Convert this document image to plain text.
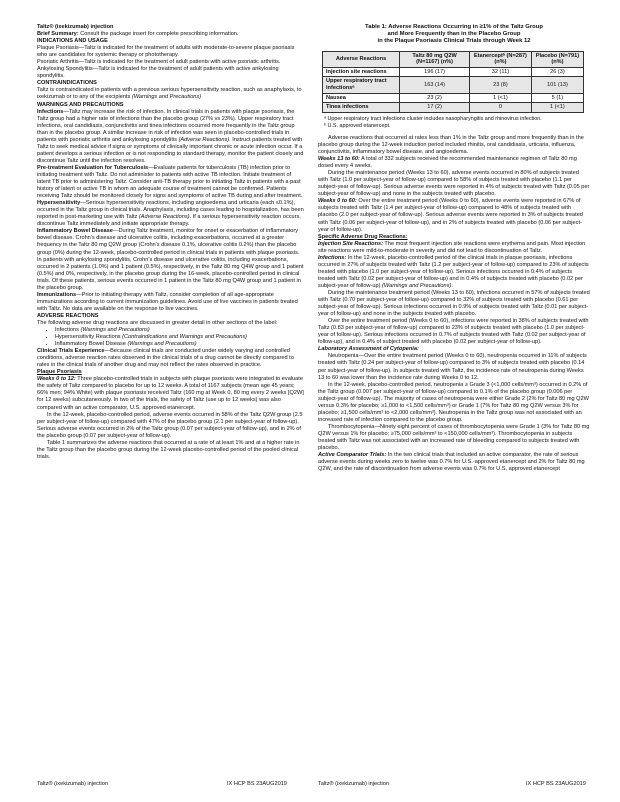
Taltz® (ixekizumab) injection

Brief Summary: Consult the package insert for complete prescribing information.

INDICATIONS AND USAGE

Plaque Psoriasis—Taltz is indicated for the treatment of adults with moderate-to-severe plaque psoriasis who are candidates for systemic therapy or phototherapy.

Psoriatic Arthritis—Taltz is indicated for the treatment of adult patients with active psoriatic arthritis.

Ankylosing Spondylitis—Taltz is indicated for the treatment of adult patients with active ankylosing spondylitis.

CONTRAINDICATIONS

Taltz is contraindicated in patients with a previous serious hypersensitivity reaction, such as anaphylaxis, to ixekizumab or to any of the excipients (Warnings and Precautions)

WARNINGS AND PRECAUTIONS

Infections—Taltz may increase the risk of infection. In clinical trials in patients with plaque psoriasis, the Taltz group had a higher rate of infections than the placebo group (27% vs 23%). Upper respiratory tract infections, oral candidiasis, conjunctivitis and tinea infections occurred more frequently in the Taltz group than in the placebo group. A similar increase in risk of infection was seen in placebo-controlled trials in patients with psoriatic arthritis and ankylosing spondylitis (Adverse Reactions). Instruct patients treated with Taltz to seek medical advice if signs or symptoms of clinically important chronic or acute infection occur. If a patient develops a serious infection or is not responding to standard therapy, monitor the patient closely and discontinue Taltz until the infection resolves.

Pre-treatment Evaluation for Tuberculosis—Evaluate patients for tuberculosis (TB) infection prior to initiating treatment with Taltz. Do not administer to patients with active TB infection. Initiate treatment of latent TB prior to administering Taltz. Consider anti-TB therapy prior to initiating Taltz in patients with a past history of latent or active TB in whom an adequate course of treatment cannot be confirmed. Patients receiving Taltz should be monitored closely for signs and symptoms of active TB during and after treatment.

Hypersensitivity—Serious hypersensitivity reactions, including angioedema and urticaria (each ≤0.1%), occurred in the Taltz group in clinical trials. Anaphylaxis, including cases leading to hospitalization, has been reported in post-marketing use with Taltz (Adverse Reactions). If a serious hypersensitivity reaction occurs, discontinue Taltz immediately and initiate appropriate therapy.

Inflammatory Bowel Disease—During Taltz treatment, monitor for onset or exacerbation of inflammatory bowel disease. Crohn’s disease and ulcerative colitis, including exacerbations, occurred at a greater frequency in the Taltz 80 mg Q2W group (Crohn’s disease 0.1%, ulcerative colitis 0.2%) than the placebo group (0%) during the 12-week, placebo-controlled period in clinical trials in patients with plaque psoriasis. In patients with ankylosing spondylitis, Crohn’s disease and ulcerative colitis, including exacerbations, occurred in 2 patients (1.0%) and 1 patient (0.5%), respectively, in the Taltz 80 mg Q4W group and 1 patient (0.5%) and 0%, respectively, in the placebo group during the 16-week, placebo-controlled period in clinical trials. Of these patients, serious events occurred in 1 patient in the Taltz 80 mg Q4W group and 1 patient in the placebo group.

Immunizations—Prior to initiating therapy with Taltz, consider completion of all age-appropriate immunizations according to current immunization guidelines. Avoid use of live vaccines in patients treated with Taltz. No data are available on the response to live vaccines.

ADVERSE REACTIONS

The following adverse drug reactions are discussed in greater detail in other sections of the label:

• Infections (Warnings and Precautions)
• Hypersensitivity Reactions (Contraindications and Warnings and Precautions)
• Inflammatory Bowel Disease (Warnings and Precautions)

Clinical Trials Experience—Because clinical trials are conducted under widely varying and controlled conditions, adverse reaction rates observed in the clinical trials of a drug cannot be directly compared to rates in the clinical trials of another drug and may not reflect the rates observed in practice.

Plaque Psoriasis

Weeks 0 to 12: Three placebo-controlled trials in subjects with plaque psoriasis were integrated to evaluate the safety of Taltz compared to placebo for up to 12 weeks. A total of 1167 subjects (mean age 45 years; 66% men; 94% White) with plaque psoriasis received Taltz (160 mg at Week 0, 80 mg every 2 weeks [Q2W] for 12 weeks) subcutaneously. In two of the trials, the safety of Taltz (use up to 12 weeks) was also compared with an active comparator, U.S. approved etanercept.

In the 12-week, placebo-controlled period, adverse events occurred in 58% of the Taltz Q2W group (2.5 per subject-year of follow-up) compared with 47% of the placebo group (2.1 per subject-year of follow-up). Serious adverse events occurred in 2% of the Taltz group (0.07 per subject-year of follow-up), and in 2% of the placebo group (0.07 per subject-year of follow-up).

Table 1 summarizes the adverse reactions that occurred at a rate of at least 1% and at a higher rate in the Taltz group than the placebo group during the 12-week placebo-controlled period of the pooled clinical trials.

Table 1: Adverse Reactions Occurring in ≥1% of the Taltz Group
and More Frequently than in the Placebo Group
in the Plaque Psoriasis Clinical Trials through Week 12
Adverse Reactions	Taltz 80 mg Q2W (N=1167) (n%)	Etanerceptᵇ (N=287) (n%)	Placebo (N=791) (n%)
Injection site reactions	196 (17)	32 (11)	26 (3)
Upper respiratory tract infectionsᵃ	163 (14)	23 (8)	101 (13)
Nausea	23 (2)	1 (<1)	5 (1)
Tinea infections	17 (2)	0	1 (<1)

ᵃ Upper respiratory tract infections cluster includes nasopharyngitis and rhinovirus infection.

ᵇ U.S. approved etanercept.

Adverse reactions that occurred at rates less than 1% in the Taltz group and more frequently than in the placebo group during the 12-week induction period included rhinitis, oral candidiasis, urticaria, influenza, conjunctivitis, inflammatory bowel disease, and angioedema.

Weeks 13 to 60: A total of 332 subjects received the recommended maintenance regimen of Taltz 80 mg dosed every 4 weeks.

During the maintenance period (Weeks 13 to 60), adverse events occurred in 80% of subjects treated with Taltz (1.0 per subject-year of follow-up) compared to 58% of subjects treated with placebo (1.1 per subject-year of follow-up). Serious adverse events were reported in 4% of subjects treated with Taltz (0.05 per subject-year of follow-up) and none in the subjects treated with placebo.

Weeks 0 to 60: Over the entire treatment period (Weeks 0 to 60), adverse events were reported in 67% of subjects treated with Taltz (1.4 per subject-year of follow-up) compared to 48% of subjects treated with placebo (2.0 per subject-year of follow-up). Serious adverse events were reported in 3% of subjects treated with Taltz (0.06 per subject-year of follow-up), and in 2% of subjects treated with placebo (0.06 per subject-year of follow-up).

Specific Adverse Drug Reactions:

Injection Site Reactions: The most frequent injection site reactions were erythema and pain. Most injection site reactions were mild-to-moderate in severity and did not lead to discontinuation of Taltz.

Infections: In the 12-week, placebo-controlled period of the clinical trials in plaque psoriasis, infections occurred in 27% of subjects treated with Taltz (1.2 per subject-year of follow-up) compared to 23% of subjects treated with placebo (1.0 per subject-year of follow-up). Serious infections occurred in 0.4% of subjects treated with Taltz (0.02 per subject-year of follow-up) and in 0.4% of subjects treated with placebo (0.02 per subject-year of follow-up) (Warnings and Precautions).

During the maintenance treatment period (Weeks 13 to 60), infections occurred in 57% of subjects treated with Taltz (0.70 per subject-year of follow-up) compared to 32% of subjects treated with placebo (0.61 per subject-year of follow-up). Serious infections occurred in 0.9% of subjects treated with Taltz (0.01 per subject-year of follow-up) and none in the subjects treated with placebo.

Over the entire treatment period (Weeks 0 to 60), infections were reported in 38% of subjects treated with Taltz (0.83 per subject-year of follow-up) compared to 23% of subjects treated with placebo (1.0 per subject-year of follow-up). Serious infections occurred in 0.7% of subjects treated with Taltz (0.02 per subject-year of follow-up), and in 0.4% of subject treated with placebo (0.02 per subject-year of follow-up).

Laboratory Assessment of Cytopenia:

Neutropenia—Over the entire treatment period (Weeks 0 to 60), neutropenia occurred in 11% of subjects treated with Taltz (0.24 per subject-year of follow-up) compared to 3% of subjects treated with placebo (0.14 per subject-year of follow-up). In subjects treated with Taltz, the incidence rate of neutropenia during Weeks 13 to 60 was lower than the incidence rate during Weeks 0 to 12.

In the 12-week, placebo-controlled period, neutropenia ≥ Grade 3 (<1,000 cells/mm³) occurred in 0.2% of the Taltz group (0.007 per subject-year of follow-up) compared to 0.1% of the placebo group (0.006 per subject-year of follow-up). The majority of cases of neutropenia were either Grade 2 (2% for Taltz 80 mg Q2W versus 0.3% for placebo; ≥1,000 to <1,500 cells/mm³) or Grade 1 (7% for Taltz 80 mg Q2W versus 3% for placebo; ≥1,500 cells/mm³ to <2,000 cells/mm³). Neutropenia in the Taltz group was not associated with an increased rate of infection compared to the placebo group.

Thrombocytopenia—Ninety eight percent of cases of thrombocytopenia were Grade 1 (3% for Taltz 80 mg Q2W versus 1% for placebo; ≥75,000 cells/mm³ to <150,000 cells/mm³). Thrombocytopenia in subjects treated with Taltz was not associated with an increased rate of bleeding compared to subjects treated with placebo.

Active Comparator Trials: In the two clinical trials that included an active comparator, the rate of serious adverse events during weeks zero to twelve was 0.7% for U.S.-approved etanercept and 2% for Taltz 80 mg Q2W, and the rate of discontinuation from adverse events was 0.7% for U.S. approved etanercept

Taltz® (ixekizumab) injection	IX HCP BS 23AUG2019	Taltz® (ixekizumab) injection	IX HCP BS 23AUG2019
